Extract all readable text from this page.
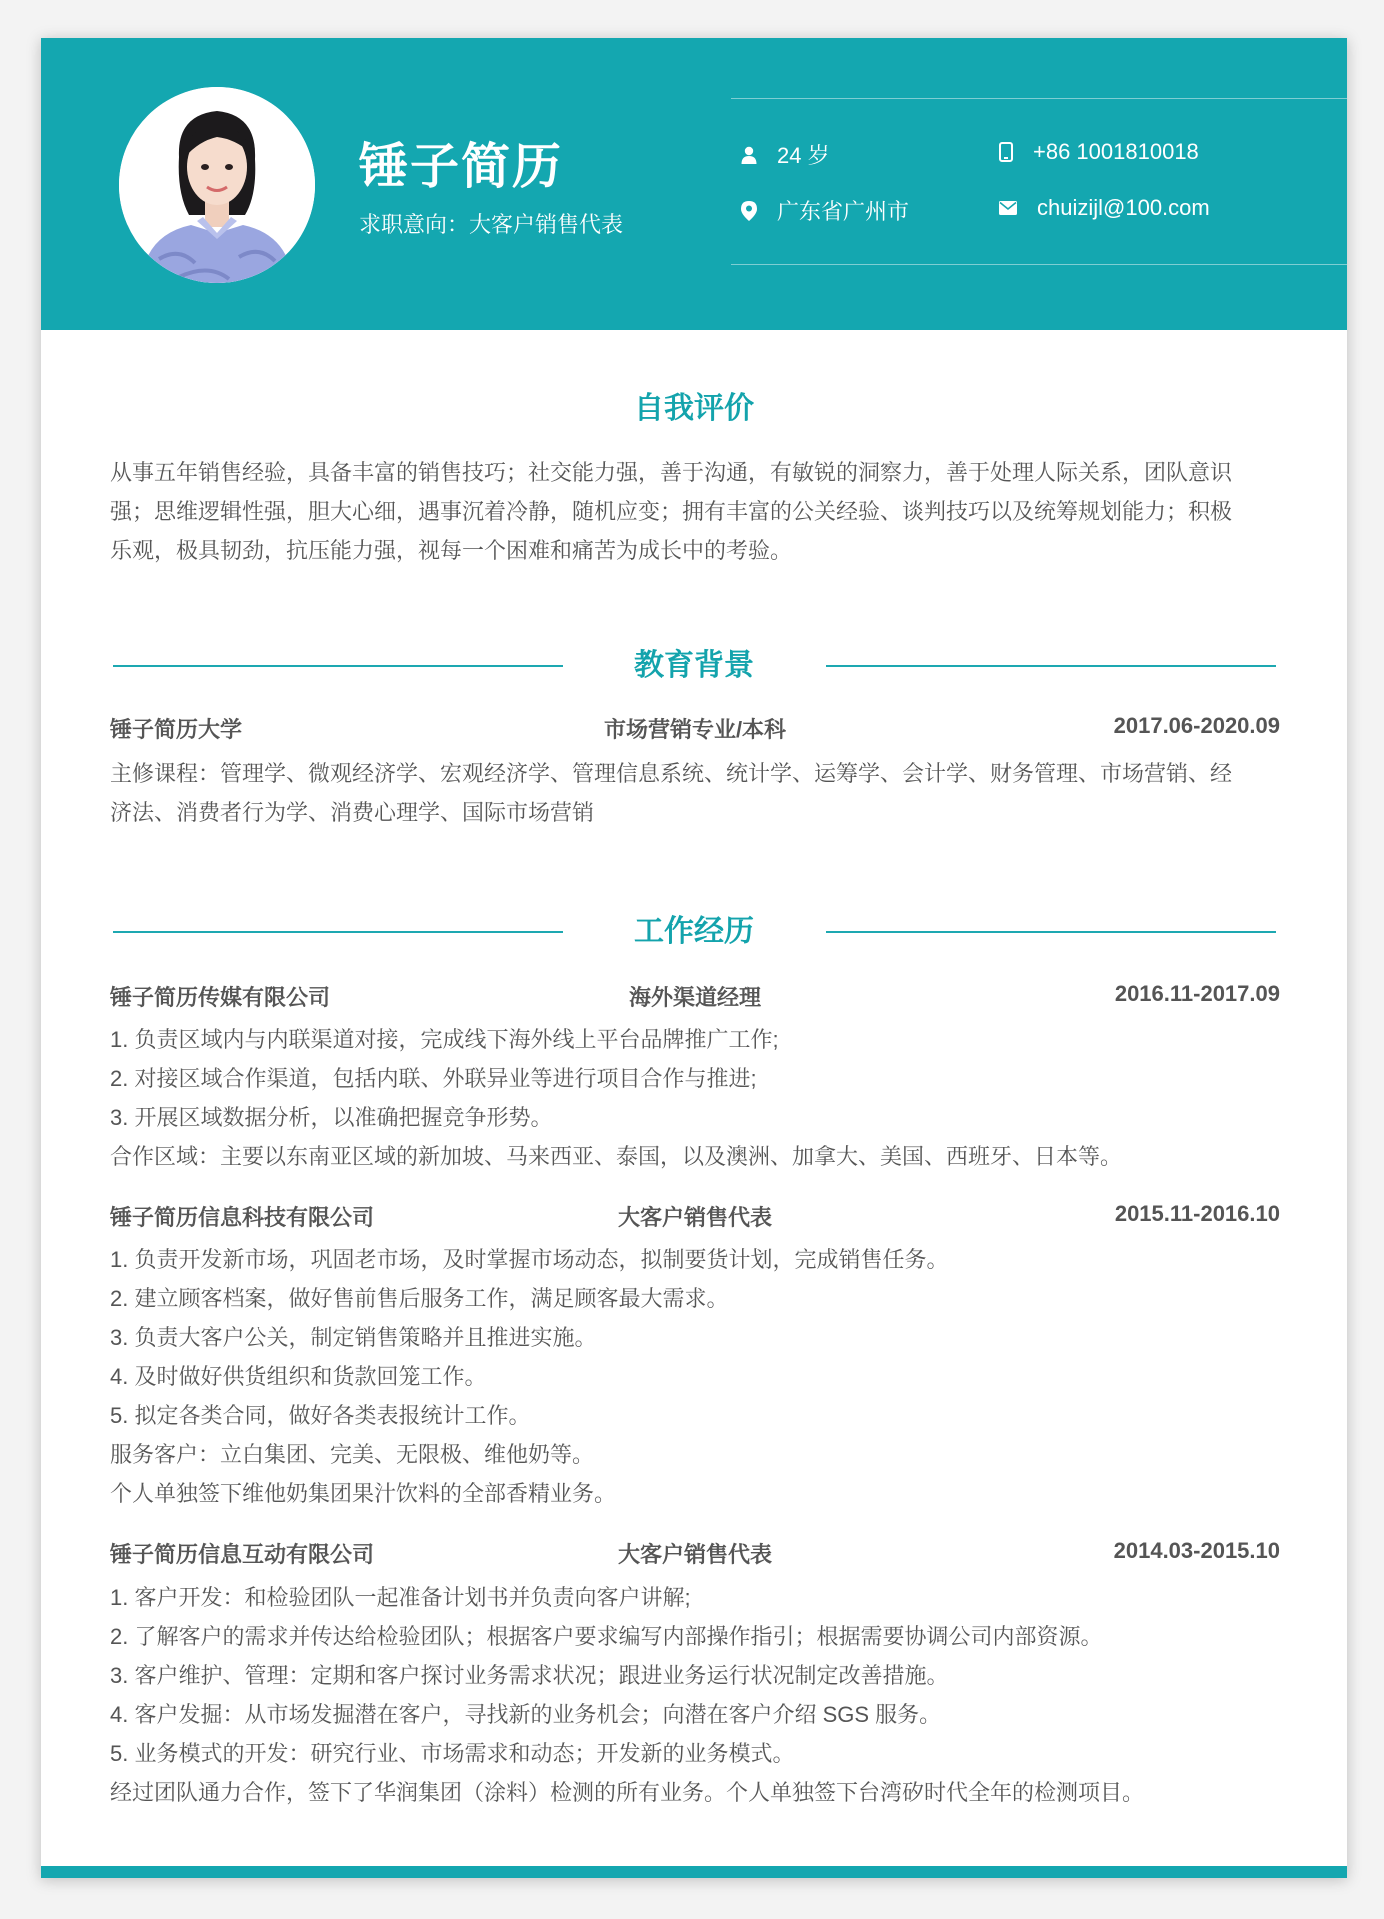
锤子简历
求职意向：大客户销售代表
24 岁	+86 1001810018
广东省广州市	chuizijl@100.com
自我评价
从事五年销售经验，具备丰富的销售技巧；社交能力强，善于沟通，有敏锐的洞察力，善于处理人际关系，团队意识
强；思维逻辑性强，胆大心细，遇事沉着冷静，随机应变；拥有丰富的公关经验、谈判技巧以及统筹规划能力；积极
乐观，极具韧劲，抗压能力强，视每一个困难和痛苦为成长中的考验。
教育背景
锤子简历大学	市场营销专业/本科	2017.06-2020.09
主修课程：管理学、微观经济学、宏观经济学、管理信息系统、统计学、运筹学、会计学、财务管理、市场营销、经
济法、消费者行为学、消费心理学、国际市场营销
工作经历
锤子简历传媒有限公司	海外渠道经理	2016.11-2017.09
1. 负责区域内与内联渠道对接，完成线下海外线上平台品牌推广工作;
2. 对接区域合作渠道，包括内联、外联异业等进行项目合作与推进;
3. 开展区域数据分析，以准确把握竞争形势。
合作区域：主要以东南亚区域的新加坡、马来西亚、泰国，以及澳洲、加拿大、美国、西班牙、日本等。
锤子简历信息科技有限公司	大客户销售代表	2015.11-2016.10
1. 负责开发新市场，巩固老市场，及时掌握市场动态，拟制要货计划，完成销售任务。
2. 建立顾客档案，做好售前售后服务工作，满足顾客最大需求。
3. 负责大客户公关，制定销售策略并且推进实施。
4. 及时做好供货组织和货款回笼工作。
5. 拟定各类合同，做好各类表报统计工作。
服务客户：立白集团、完美、无限极、维他奶等。
个人单独签下维他奶集团果汁饮料的全部香精业务。
锤子简历信息互动有限公司	大客户销售代表	2014.03-2015.10
1. 客户开发：和检验团队一起准备计划书并负责向客户讲解;
2. 了解客户的需求并传达给检验团队；根据客户要求编写内部操作指引；根据需要协调公司内部资源。
3. 客户维护、管理：定期和客户探讨业务需求状况；跟进业务运行状况制定改善措施。
4. 客户发掘：从市场发掘潜在客户，寻找新的业务机会；向潜在客户介绍 SGS 服务。
5. 业务模式的开发：研究行业、市场需求和动态；开发新的业务模式。
经过团队通力合作，签下了华润集团（涂料）检测的所有业务。个人单独签下台湾矽时代全年的检测项目。
